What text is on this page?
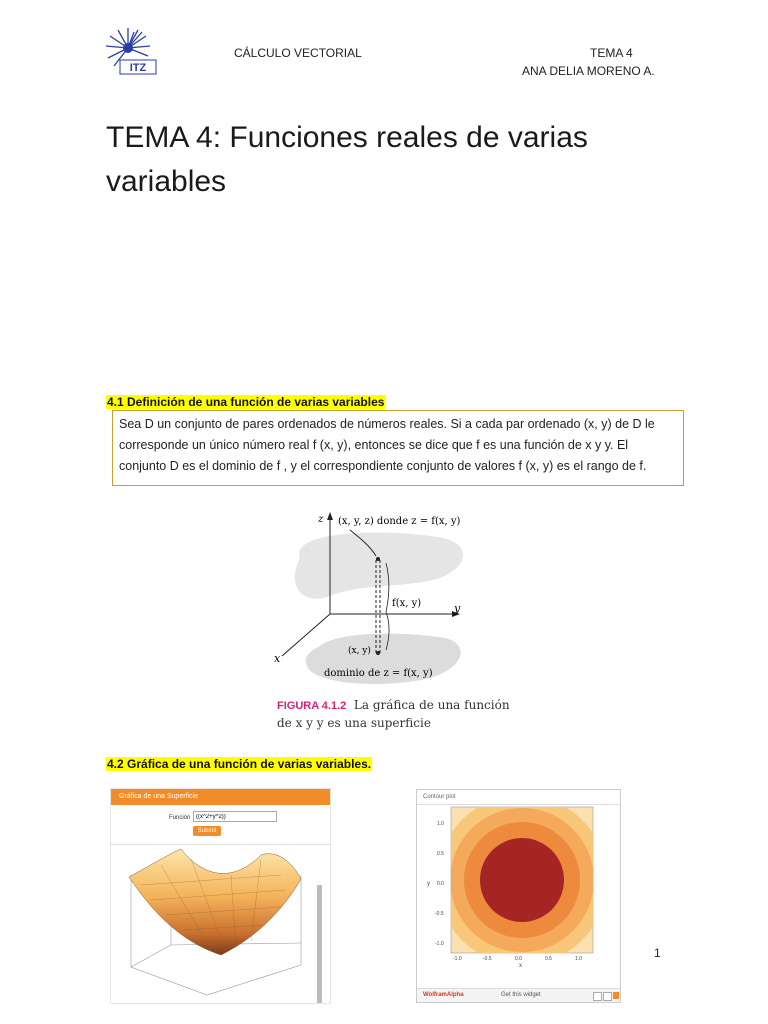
ITZ
CÁLCULO VECTORIAL	TEMA 4
ANA DELIA MORENO A.
TEMA 4: Funciones reales de varias variables
4.1 Definición de una función de varias variables

Sea D un conjunto de pares ordenados de números reales. Si a cada par ordenado (x, y) de D le

corresponde un único número real f (x, y), entonces se dice que f es una función de x y y. El

conjunto D es el dominio de f , y el correspondiente conjunto de valores f (x, y) es el rango de f.

z
y
x
(x, y, z) donde z = f(x, y)
f(x, y)
(x, y)
dominio de z = f(x, y)
FIGURA 4.1.2 La gráfica de una función
de x y y es una superficie
4.2 Gráfica de una función de varias variables.
Gráfica de una Superficie
Función
((x^2+y^2))
Submit
Contour plot
1.0
0.5
0.0
-0.5
-1.0
y
-1.0	-0.5	0.0	0.5	1.0
x
WolframAlpha	Get this widget
1
